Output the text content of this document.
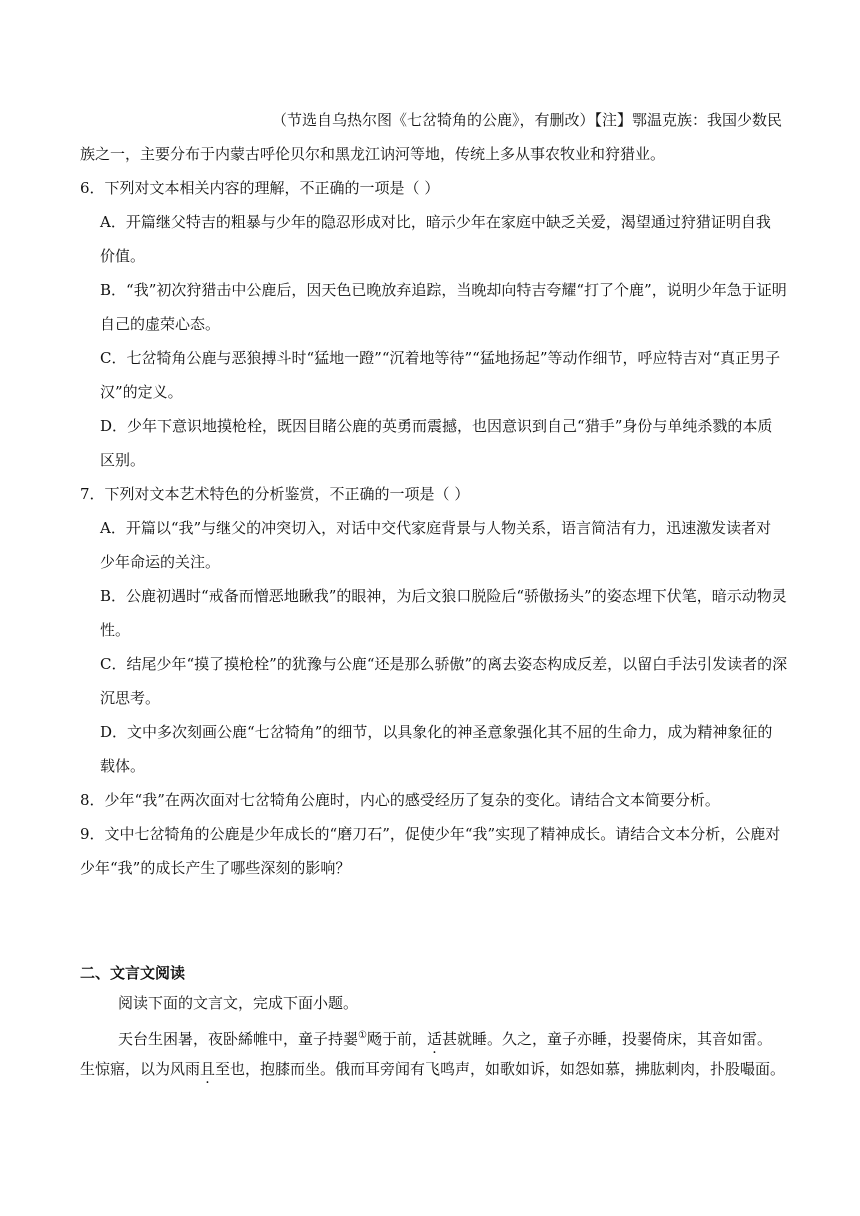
（节选自乌热尔图《七岔犄角的公鹿》，有删改）【注】鄂温克族：我国少数民
族之一，主要分布于内蒙古呼伦贝尔和黑龙江讷河等地，传统上多从事农牧业和狩猎业。
6．下列对文本相关内容的理解，不正确的一项是（ ）
A．开篇继父特吉的粗暴与少年的隐忍形成对比，暗示少年在家庭中缺乏关爱，渴望通过狩猎证明自我
价值。
B．“我”初次狩猎击中公鹿后，因天色已晚放弃追踪，当晚却向特吉夸耀“打了个鹿”，说明少年急于证明
自己的虚荣心态。
C．七岔犄角公鹿与恶狼搏斗时“猛地一蹬”“沉着地等待”“猛地扬起”等动作细节，呼应特吉对“真正男子
汉”的定义。
D．少年下意识地摸枪栓，既因目睹公鹿的英勇而震撼，也因意识到自己“猎手”身份与单纯杀戮的本质
区别。
7．下列对文本艺术特色的分析鉴赏，不正确的一项是（ ）
A．开篇以“我”与继父的冲突切入，对话中交代家庭背景与人物关系，语言简洁有力，迅速激发读者对
少年命运的关注。
B．公鹿初遇时“戒备而憎恶地瞅我”的眼神，为后文狼口脱险后“骄傲扬头”的姿态埋下伏笔，暗示动物灵
性。
C．结尾少年“摸了摸枪栓”的犹豫与公鹿“还是那么骄傲”的离去姿态构成反差，以留白手法引发读者的深
沉思考。
D．文中多次刻画公鹿“七岔犄角”的细节，以具象化的神圣意象强化其不屈的生命力，成为精神象征的
载体。
8．少年“我”在两次面对七岔犄角公鹿时，内心的感受经历了复杂的变化。请结合文本简要分析。
9．文中七岔犄角的公鹿是少年成长的“磨刀石”，促使少年“我”实现了精神成长。请结合文本分析，公鹿对
少年“我”的成长产生了哪些深刻的影响？
二、文言文阅读
阅读下面的文言文，完成下面小题。
天台生困暑，夜卧絺帷中，童子持翣①飏于前，适甚就睡。久之，童子亦睡，投翣倚床，其音如雷。
生惊寤，以为风雨且至也，抱膝而坐。俄而耳旁闻有飞鸣声，如歌如诉，如怨如慕，拂肱刺肉，扑股嘬面。
